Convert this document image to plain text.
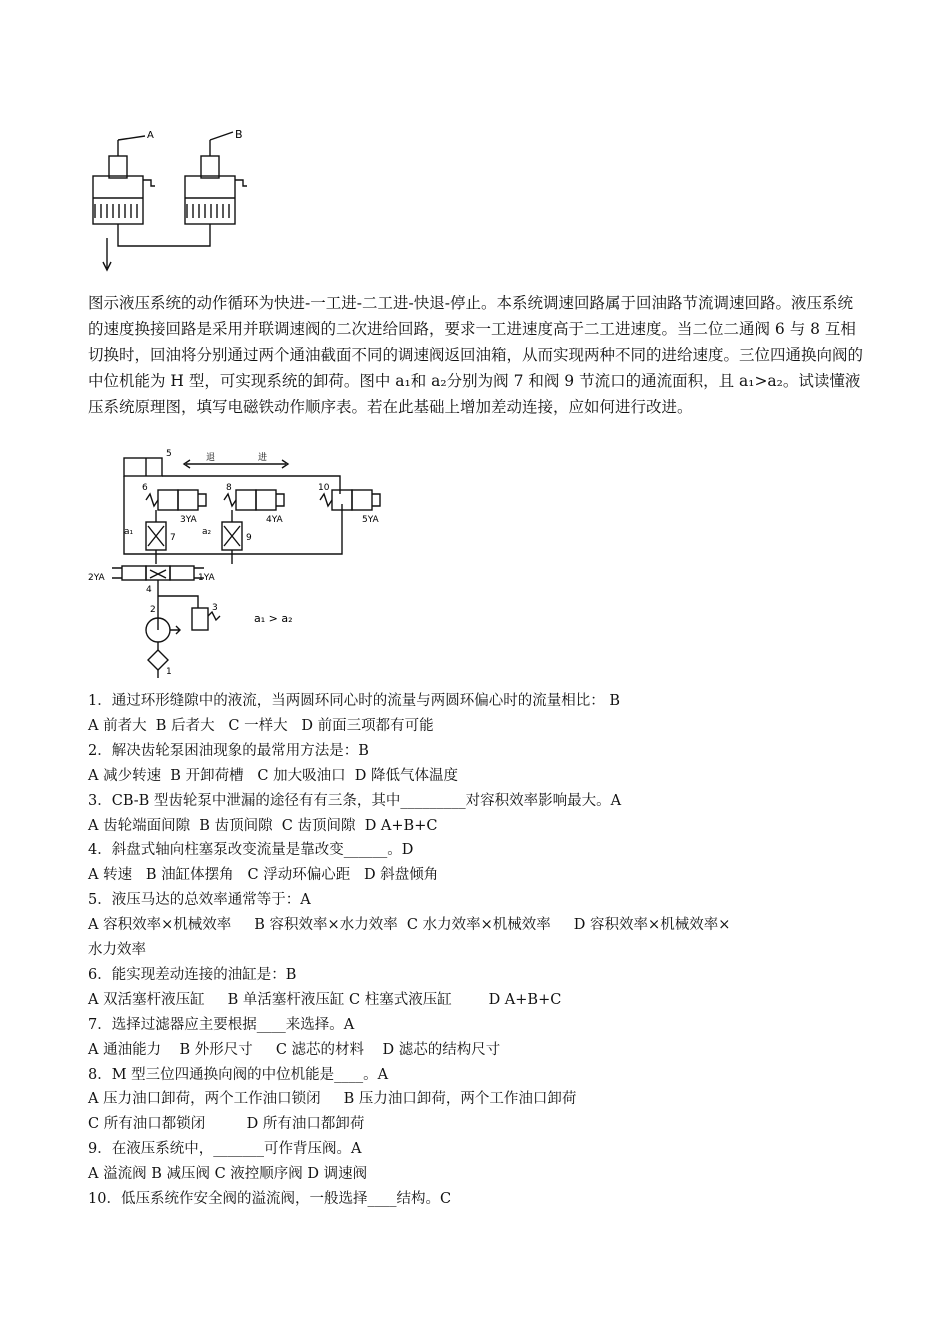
A	B
图示液压系统的动作循环为快进-一工进-二工进-快退-停止。本系统调速回路属于回油路节流调速回路。液压系统的速度换接回路是采用并联调速阀的二次进给回路，要求一工进速度高于二工进速度。当二位二通阀 6 与 8 互相切换时，回油将分别通过两个通油截面不同的调速阀返回油箱，从而实现两种不同的进给速度。三位四通换向阀的中位机能为 H 型，可实现系统的卸荷。图中 a₁和 a₂分别为阀 7 和阀 9 节流口的通流面积，且 a₁>a₂。试读懂液压系统原理图，填写电磁铁动作顺序表。若在此基础上增加差动连接，应如何进行改进。
退	进
5
6	8	10
3YA	4YA	5YA
a₁	a₂
7	9
2YA	1YA
4
2	3
1
a₁ > a₂
1．通过环形缝隙中的液流，当两圆环同心时的流量与两圆环偏心时的流量相比： B
A 前者大  B 后者大   C 一样大   D 前面三项都有可能
2．解决齿轮泵困油现象的最常用方法是：B
A 减少转速  B 开卸荷槽   C 加大吸油口  D 降低气体温度
3．CB-B 型齿轮泵中泄漏的途径有有三条，其中_________对容积效率影响最大。A
A 齿轮端面间隙  B 齿顶间隙  C 齿顶间隙  D A+B+C
4．斜盘式轴向柱塞泵改变流量是靠改变______。D
A 转速   B 油缸体摆角   C 浮动环偏心距   D 斜盘倾角
5．液压马达的总效率通常等于：A
A 容积效率×机械效率     B 容积效率×水力效率  C 水力效率×机械效率     D 容积效率×机械效率×
水力效率
6．能实现差动连接的油缸是：B
A 双活塞杆液压缸     B 单活塞杆液压缸 C 柱塞式液压缸        D A+B+C
7．选择过滤器应主要根据____来选择。A
A 通油能力    B 外形尺寸     C 滤芯的材料    D 滤芯的结构尺寸
8．M 型三位四通换向阀的中位机能是____。A
A 压力油口卸荷，两个工作油口锁闭     B 压力油口卸荷，两个工作油口卸荷
C 所有油口都锁闭         D 所有油口都卸荷
9．在液压系统中，_______可作背压阀。A
A 溢流阀 B 减压阀 C 液控顺序阀 D 调速阀
10．低压系统作安全阀的溢流阀，一般选择____结构。C
